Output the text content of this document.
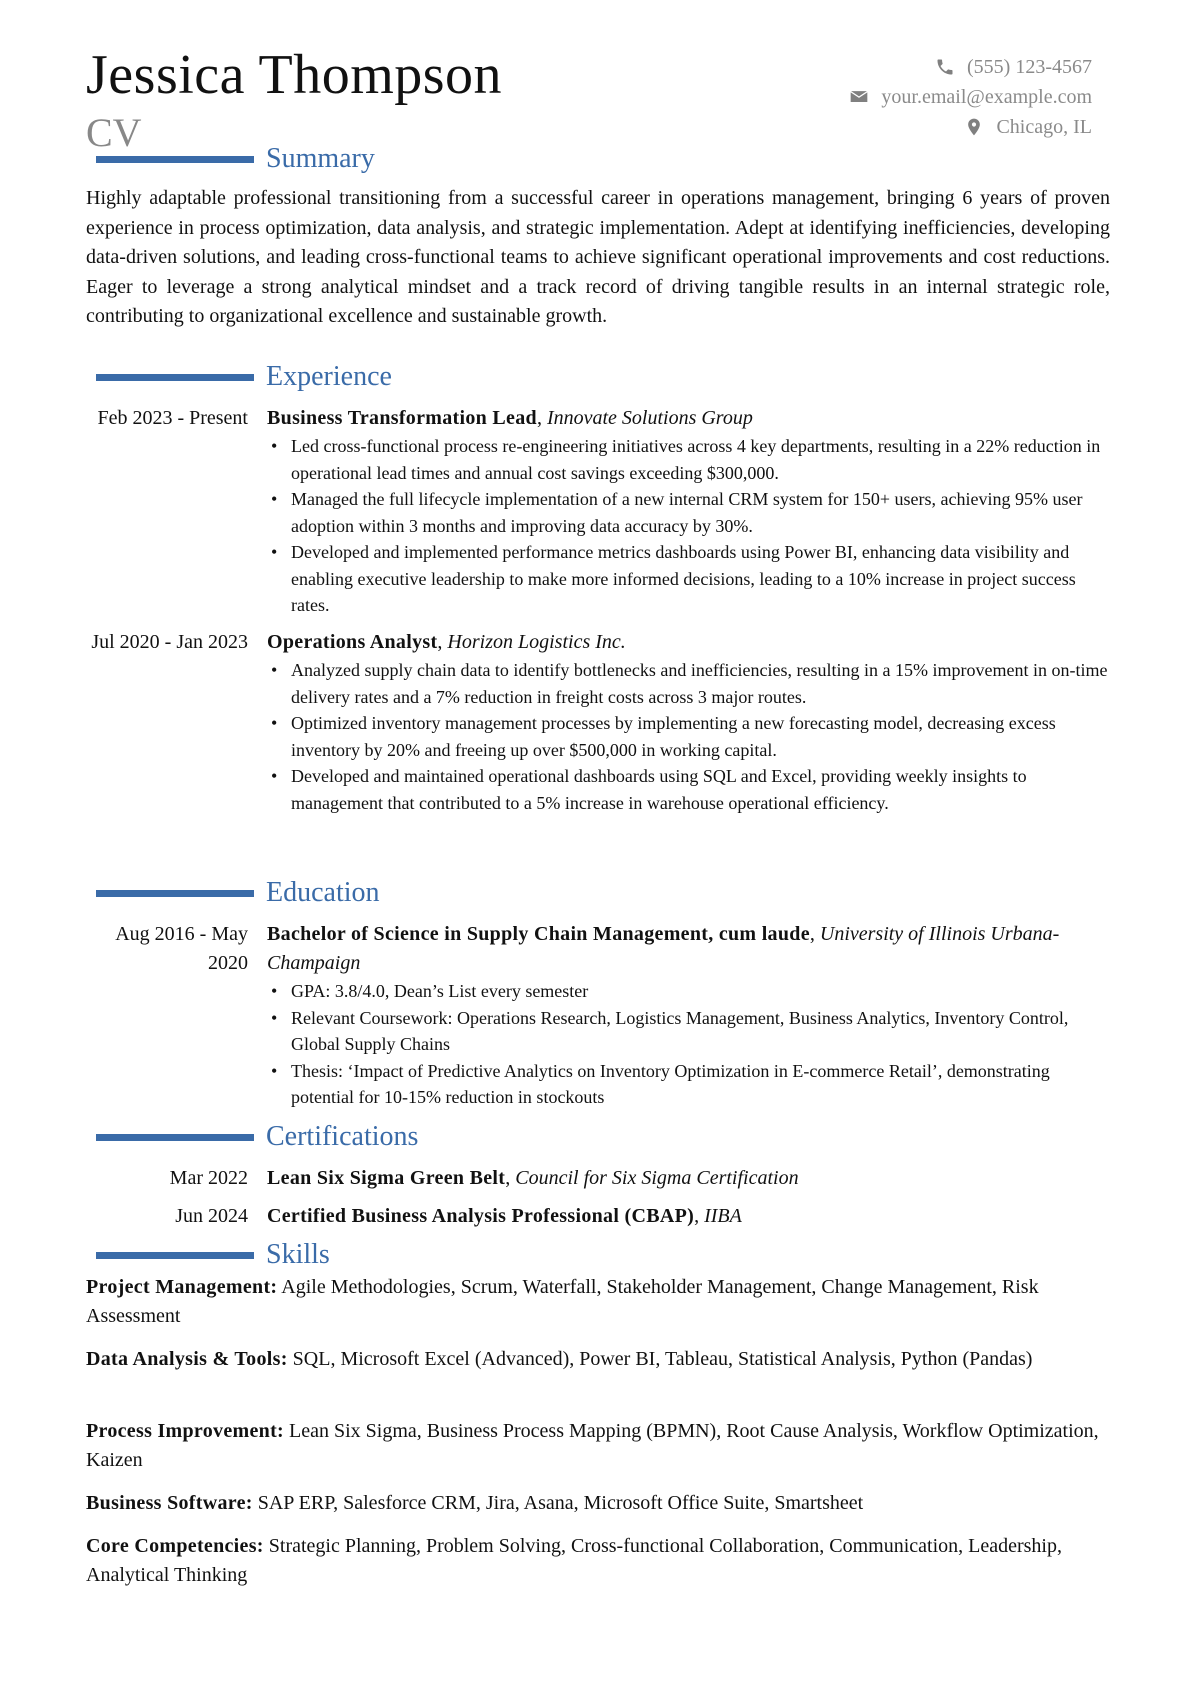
Jessica Thompson
CV
(555) 123-4567
your.email@example.com
Chicago, IL
Summary
Highly adaptable professional transitioning from a successful career in operations management, bringing 6 years of proven experience in process optimization, data analysis, and strategic implementation. Adept at identifying inefficiencies, developing data-driven solutions, and leading cross-functional teams to achieve significant operational improvements and cost reductions. Eager to leverage a strong analytical mindset and a track record of driving tangible results in an internal strategic role, contributing to organizational excellence and sustainable growth.
Experience
Feb 2023 - Present Business Transformation Lead, Innovate Solutions Group
• Led cross-functional process re-engineering initiatives across 4 key departments, resulting in a 22% reduction in operational lead times and annual cost savings exceeding $300,000.
• Managed the full lifecycle implementation of a new internal CRM system for 150+ users, achieving 95% user adoption within 3 months and improving data accuracy by 30%.
• Developed and implemented performance metrics dashboards using Power BI, enhancing data visibility and enabling executive leadership to make more informed decisions, leading to a 10% increase in project success rates.
Jul 2020 - Jan 2023 Operations Analyst, Horizon Logistics Inc.
• Analyzed supply chain data to identify bottlenecks and inefficiencies, resulting in a 15% improvement in on-time delivery rates and a 7% reduction in freight costs across 3 major routes.
• Optimized inventory management processes by implementing a new forecasting model, decreasing excess inventory by 20% and freeing up over $500,000 in working capital.
• Developed and maintained operational dashboards using SQL and Excel, providing weekly insights to management that contributed to a 5% increase in warehouse operational efficiency.
Education
Aug 2016 - May 2020
Bachelor of Science in Supply Chain Management, cum laude, University of Illinois Urbana-Champaign
• GPA: 3.8/4.0, Dean’s List every semester
• Relevant Coursework: Operations Research, Logistics Management, Business Analytics, Inventory Control, Global Supply Chains
• Thesis: ‘Impact of Predictive Analytics on Inventory Optimization in E-commerce Retail’, demonstrating potential for 10-15% reduction in stockouts
Certifications
Mar 2022 Lean Six Sigma Green Belt, Council for Six Sigma Certification
Jun 2024 Certified Business Analysis Professional (CBAP), IIBA
Skills
Project Management: Agile Methodologies, Scrum, Waterfall, Stakeholder Management, Change Management, Risk Assessment
Data Analysis & Tools: SQL, Microsoft Excel (Advanced), Power BI, Tableau, Statistical Analysis, Python (Pandas)
Process Improvement: Lean Six Sigma, Business Process Mapping (BPMN), Root Cause Analysis, Workflow Optimization, Kaizen
Business Software: SAP ERP, Salesforce CRM, Jira, Asana, Microsoft Office Suite, Smartsheet
Core Competencies: Strategic Planning, Problem Solving, Cross-functional Collaboration, Communication, Leadership, Analytical Thinking
